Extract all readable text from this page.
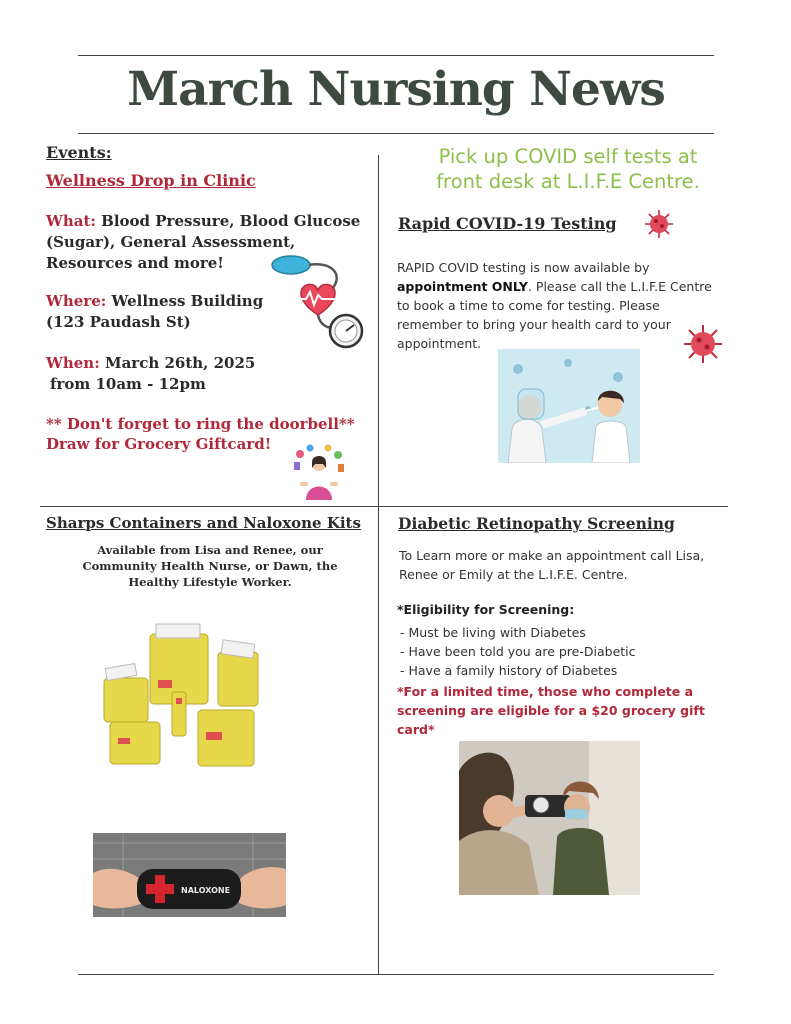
March Nursing News
Events:
Wellness Drop in Clinic
What: Blood Pressure, Blood Glucose (Sugar), General Assessment, Resources and more!
Where: Wellness Building (123 Paudash St)
When: March 26th, 2025
from 10am - 12pm
** Don't forget to ring the doorbell**
Draw for Grocery Giftcard!
Pick up COVID self tests at
front desk at L.I.F.E Centre.
Rapid COVID-19 Testing
RAPID COVID testing is now available by appointment ONLY. Please call the L.I.F.E Centre to book a time to come for testing. Please remember to bring your health card to your appointment.
Sharps Containers and Naloxone Kits
Available from Lisa and Renee, our Community Health Nurse, or Dawn, the Healthy Lifestyle Worker.
NALOXONE
Diabetic Retinopathy Screening
To Learn more or make an appointment call Lisa, Renee or Emily at the L.I.F.E. Centre.
*Eligibility for Screening:
- Must be living with Diabetes
- Have been told you are pre-Diabetic
- Have a family history of Diabetes
*For a limited time, those who complete a screening are eligible for a $20 grocery gift card*
